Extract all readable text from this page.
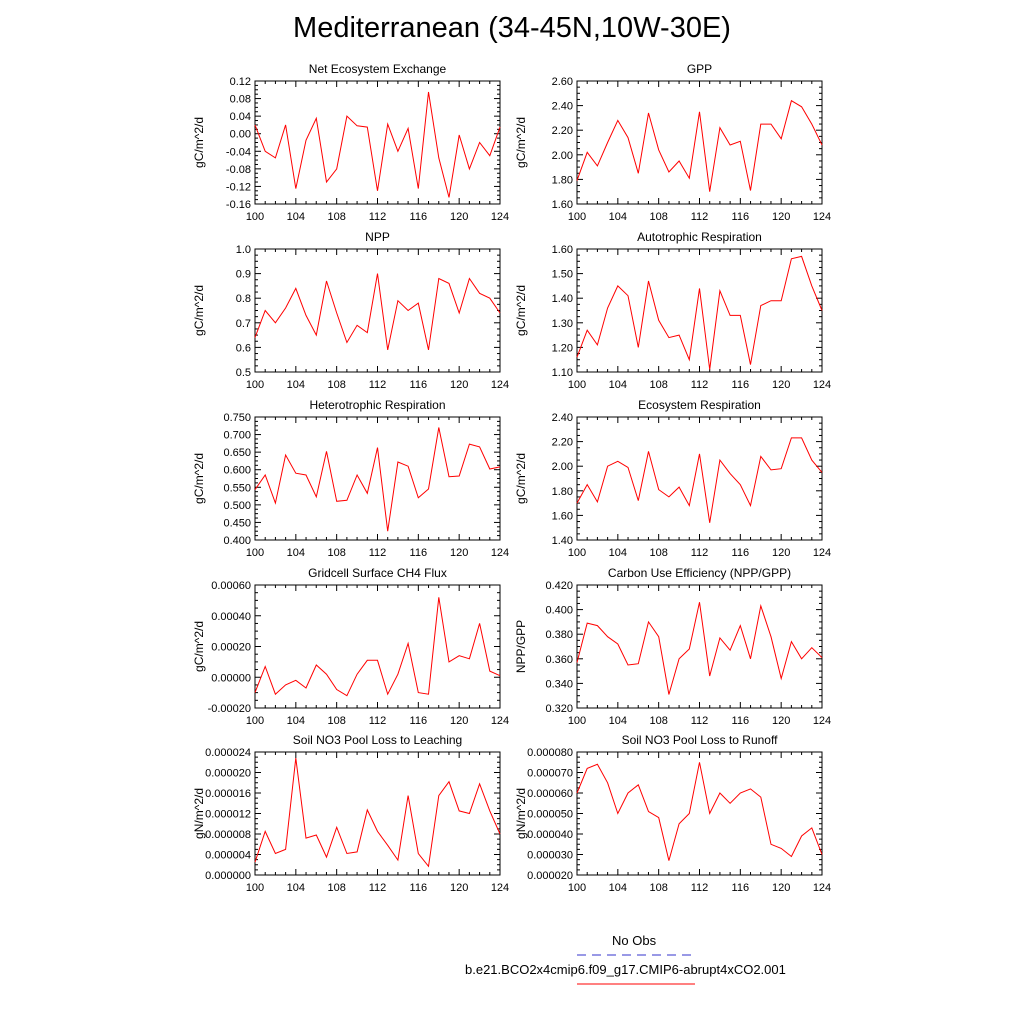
Mediterranean (34-45N,10W-30E)
Net Ecosystem Exchange
gC/m^2/d
-0.16
-0.12
-0.08
-0.04
0.00
0.04
0.08
0.12
100 104 108 112 116 120 124
GPP
gC/m^2/d
1.60
1.80
2.00
2.20
2.40
2.60
100 104 108 112 116 120 124
NPP
gC/m^2/d
0.5
0.6
0.7
0.8
0.9
1.0
100 104 108 112 116 120 124
Autotrophic Respiration
gC/m^2/d
1.10
1.20
1.30
1.40
1.50
1.60
100 104 108 112 116 120 124
Heterotrophic Respiration
gC/m^2/d
0.400
0.450
0.500
0.550
0.600
0.650
0.700
0.750
100 104 108 112 116 120 124
Ecosystem Respiration
gC/m^2/d
1.40
1.60
1.80
2.00
2.20
2.40
100 104 108 112 116 120 124
Gridcell Surface CH4 Flux
gC/m^2/d
-0.00020
0.00000
0.00020
0.00040
0.00060
100 104 108 112 116 120 124
Carbon Use Efficiency (NPP/GPP)
NPP/GPP
0.320
0.340
0.360
0.380
0.400
0.420
100 104 108 112 116 120 124
Soil NO3 Pool Loss to Leaching
gN/m^2/d
0.000000
0.000004
0.000008
0.000012
0.000016
0.000020
0.000024
100 104 108 112 116 120 124
Soil NO3 Pool Loss to Runoff
gN/m^2/d
0.000020
0.000030
0.000040
0.000050
0.000060
0.000070
0.000080
100 104 108 112 116 120 124
No Obs
b.e21.BCO2x4cmip6.f09_g17.CMIP6-abrupt4xCO2.001
